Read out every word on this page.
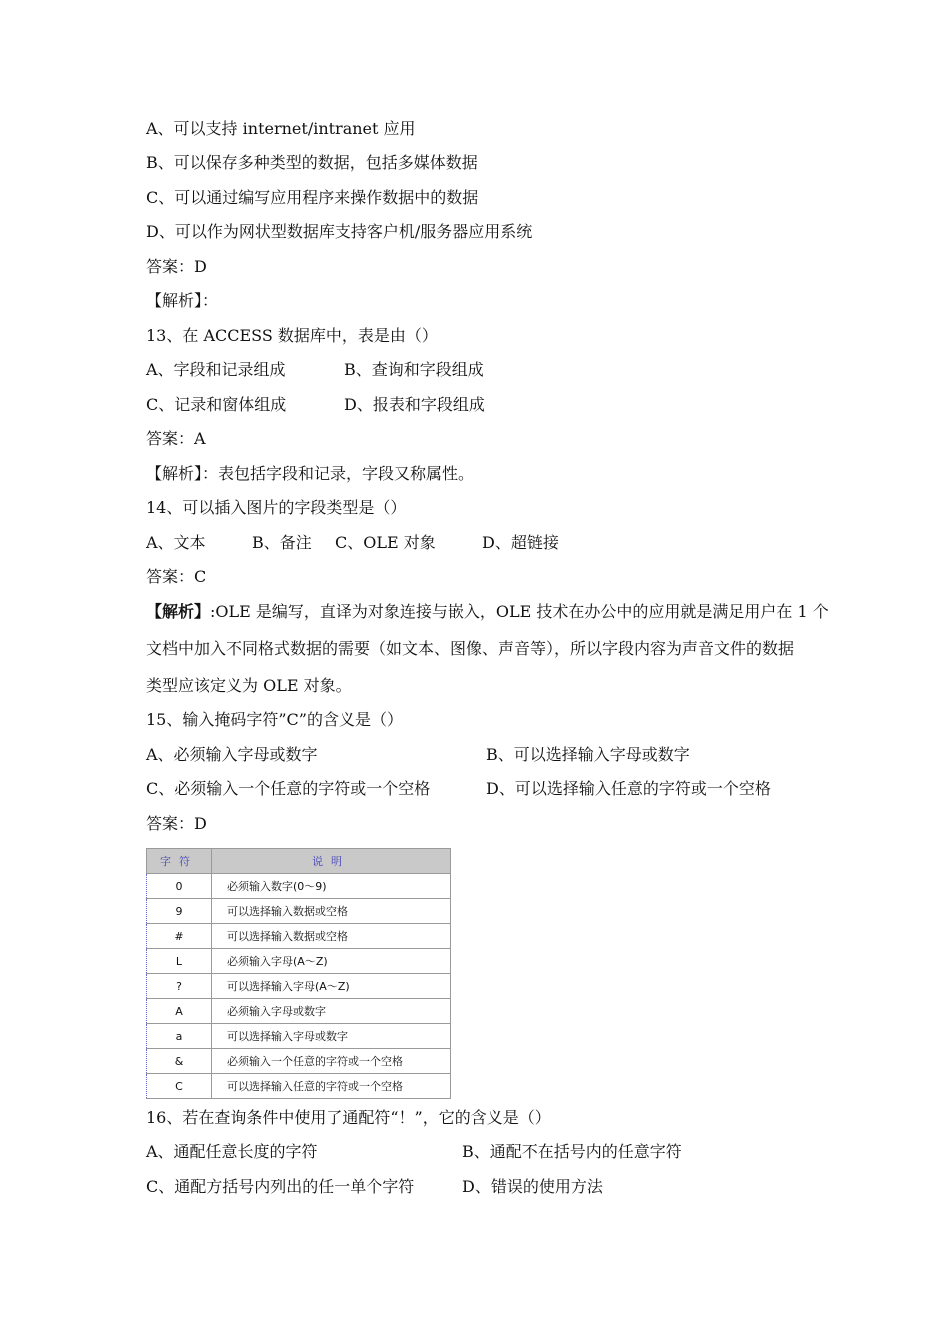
A、可以支持 internet/intranet 应用
B、可以保存多种类型的数据，包括多媒体数据
C、可以通过编写应用程序来操作数据中的数据
D、可以作为网状型数据库支持客户机/服务器应用系统
答案：D
【解析】：
13、在 ACCESS 数据库中，表是由（）
A、字段和记录组成	B、查询和字段组成
C、记录和窗体组成	D、报表和字段组成
答案：A
【解析】：表包括字段和记录，字段又称属性。
14、可以插入图片的字段类型是（）
A、文本	B、备注 C、OLE 对象	D、超链接
答案：C
【解析】:OLE 是编写，直译为对象连接与嵌入，OLE 技术在办公中的应用就是满足用户在 1 个
文档中加入不同格式数据的需要（如文本、图像、声音等），所以字段内容为声音文件的数据
类型应该定义为 OLE 对象。
15、输入掩码字符”C”的含义是（）
A、必须输入字母或数字	B、可以选择输入字母或数字
C、必须输入一个任意的字符或一个空格	D、可以选择输入任意的字符或一个空格
答案：D
字符	说明
0	必须输入数字(0～9)
9	可以选择输入数据或空格
#	可以选择输入数据或空格
L	必须输入字母(A～Z)
?	可以选择输入字母(A～Z)
A	必须输入字母或数字
a	可以选择输入字母或数字
&	必须输入一个任意的字符或一个空格
C	可以选择输入任意的字符或一个空格
16、若在查询条件中使用了通配符“！”，它的含义是（）
A、通配任意长度的字符	B、通配不在括号内的任意字符
C、通配方括号内列出的任一单个字符	D、错误的使用方法
